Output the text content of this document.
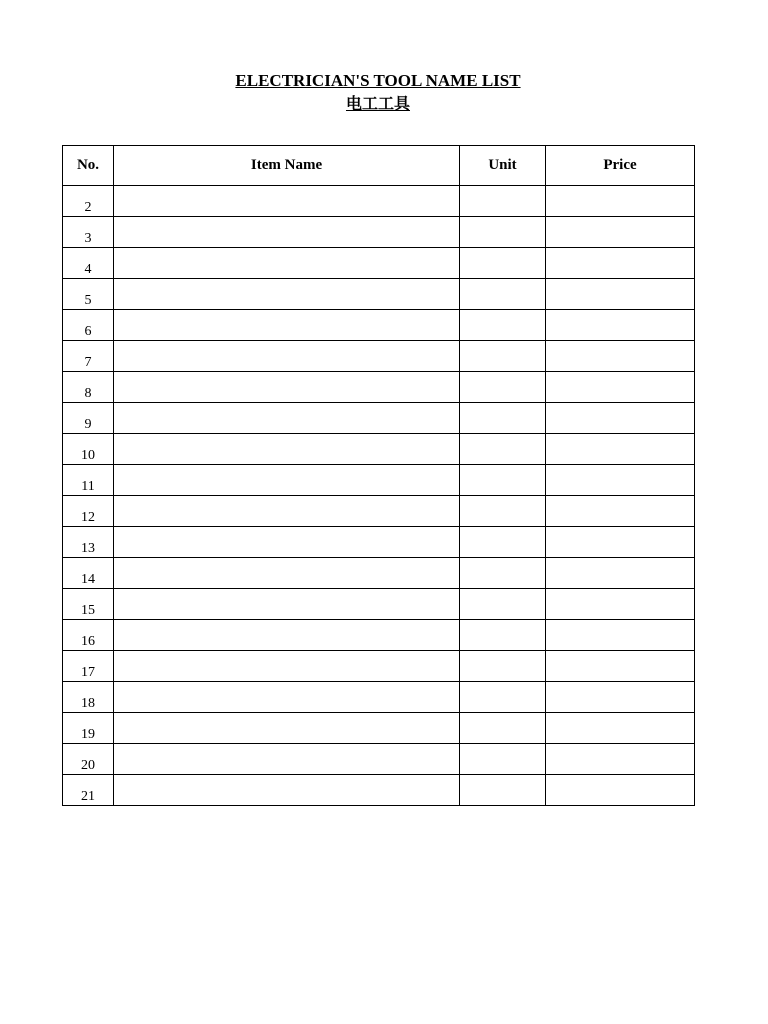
ELECTRICIAN'S TOOL NAME LIST
电工工具
No.	Item Name	Unit	Price
2			
3			
4			
5			
6			
7			
8			
9			
10			
11			
12			
13			
14			
15			
16			
17			
18			
19			
20			
21			
